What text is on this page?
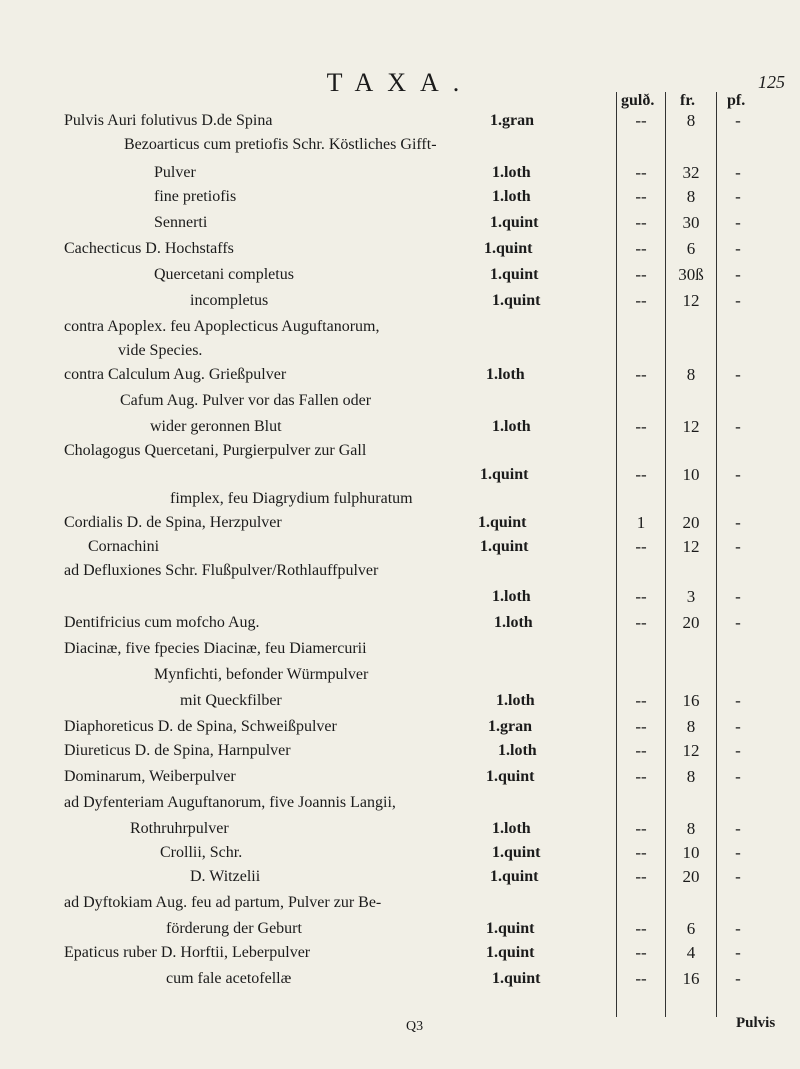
TAXA.	125
gulð. fr. pf.
Pulvis Auri folutivus D.de Spina	1.gran	--	8	-
Bezoarticus cum pretiofis Schr. Köstliches Gifft-
Pulver	1.loth	--	32	-
fine pretiofis	1.loth	--	8	-
Sennerti	1.quint	--	30	-
Cachecticus D. Hochstaffs	1.quint	--	6	-
Quercetani completus	1.quint	--	30ß	-
incompletus	1.quint	--	12	-
contra Apoplex. feu Apoplecticus Auguftanorum,
vide Species.
contra Calculum Aug. Grießpulver	1.loth	--	8	-
Cafum Aug. Pulver vor das Fallen oder
wider geronnen Blut	1.loth	--	12	-
Cholagogus Quercetani, Purgierpulver zur Gall
1.quint	--	10	-
fimplex, feu Diagrydium fulphuratum
Cordialis D. de Spina, Herzpulver	1.quint	1	20	-
Cornachini	1.quint	--	12	-
ad Defluxiones Schr. Flußpulver/Rothlauffpulver
1.loth	--	3	-
Dentifricius cum mofcho Aug.	1.loth	--	20	-
Diacinæ, five fpecies Diacinæ, feu Diamercurii
Mynfichti, befonder Würmpulver
mit Queckfilber	1.loth	--	16	-
Diaphoreticus D. de Spina, Schweißpulver	1.gran	--	8	-
Diureticus D. de Spina, Harnpulver	1.loth	--	12	-
Dominarum, Weiberpulver	1.quint	--	8	-
ad Dyfenteriam Auguftanorum, five Joannis Langii,
Rothruhrpulver	1.loth	--	8	-
Crollii, Schr.	1.quint	--	10	-
D. Witzelii	1.quint	--	20	-
ad Dyftokiam Aug. feu ad partum, Pulver zur Be-
förderung der Geburt	1.quint	--	6	-
Epaticus ruber D. Horftii, Leberpulver	1.quint	--	4	-
cum fale acetofellæ	1.quint	--	16	-
Q3	Pulvis
